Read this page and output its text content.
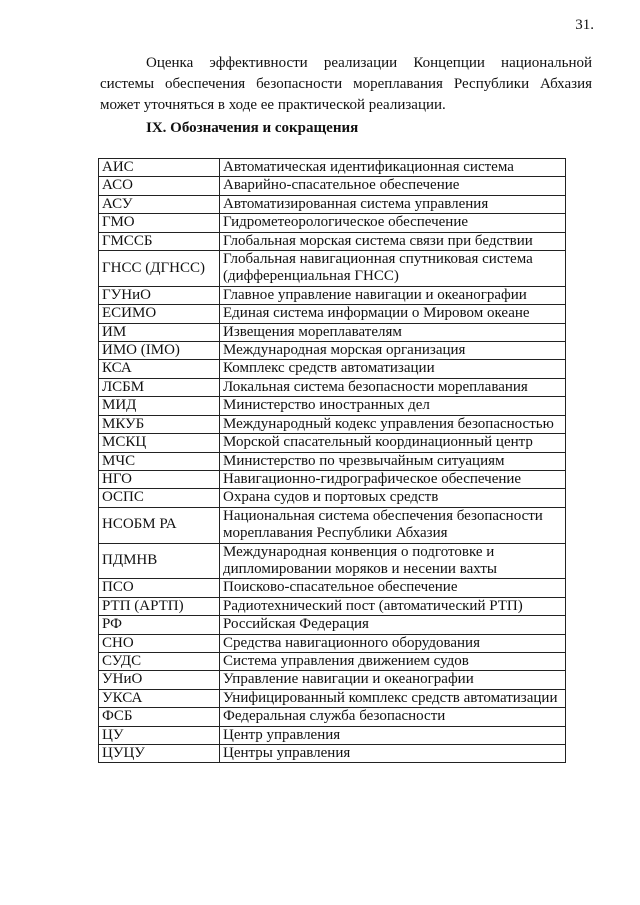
31.

Оценка эффективности реализации Концепции национальной системы обеспечения безопасности мореплавания Республики Абхазия может уточняться в ходе ее практической реализации.

IX. Обозначения и сокращения
АИС	Автоматическая идентификационная система
АСО	Аварийно-спасательное обеспечение
АСУ	Автоматизированная система управления
ГМО	Гидрометеорологическое обеспечение
ГМССБ	Глобальная морская система связи при бедствии
ГНСС (ДГНСС)	Глобальная навигационная спутниковая система (дифференциальная ГНСС)
ГУНиО	Главное управление навигации и океанографии
ЕСИМО	Единая система информации о Мировом океане
ИМ	Извещения мореплавателям
ИМО (IMO)	Международная морская организация
КСА	Комплекс средств автоматизации
ЛСБМ	Локальная система безопасности мореплавания
МИД	Министерство иностранных дел
МКУБ	Международный кодекс управления безопасностью
МСКЦ	Морской спасательный координационный центр
МЧС	Министерство по чрезвычайным ситуациям
НГО	Навигационно-гидрографическое обеспечение
ОСПС	Охрана судов и портовых средств
НСОБМ РА	Национальная система обеспечения безопасности мореплавания Республики Абхазия
ПДМНВ	Международная конвенция о подготовке и дипломировании моряков и несении вахты
ПСО	Поисково-спасательное обеспечение
РТП (АРТП)	Радиотехнический пост (автоматический РТП)
РФ	Российская Федерация
СНО	Средства навигационного оборудования
СУДС	Система управления движением судов
УНиО	Управление навигации и океанографии
УКСА	Унифицированный комплекс средств автоматизации
ФСБ	Федеральная служба безопасности
ЦУ	Центр управления
ЦУЦУ	Центры управления
